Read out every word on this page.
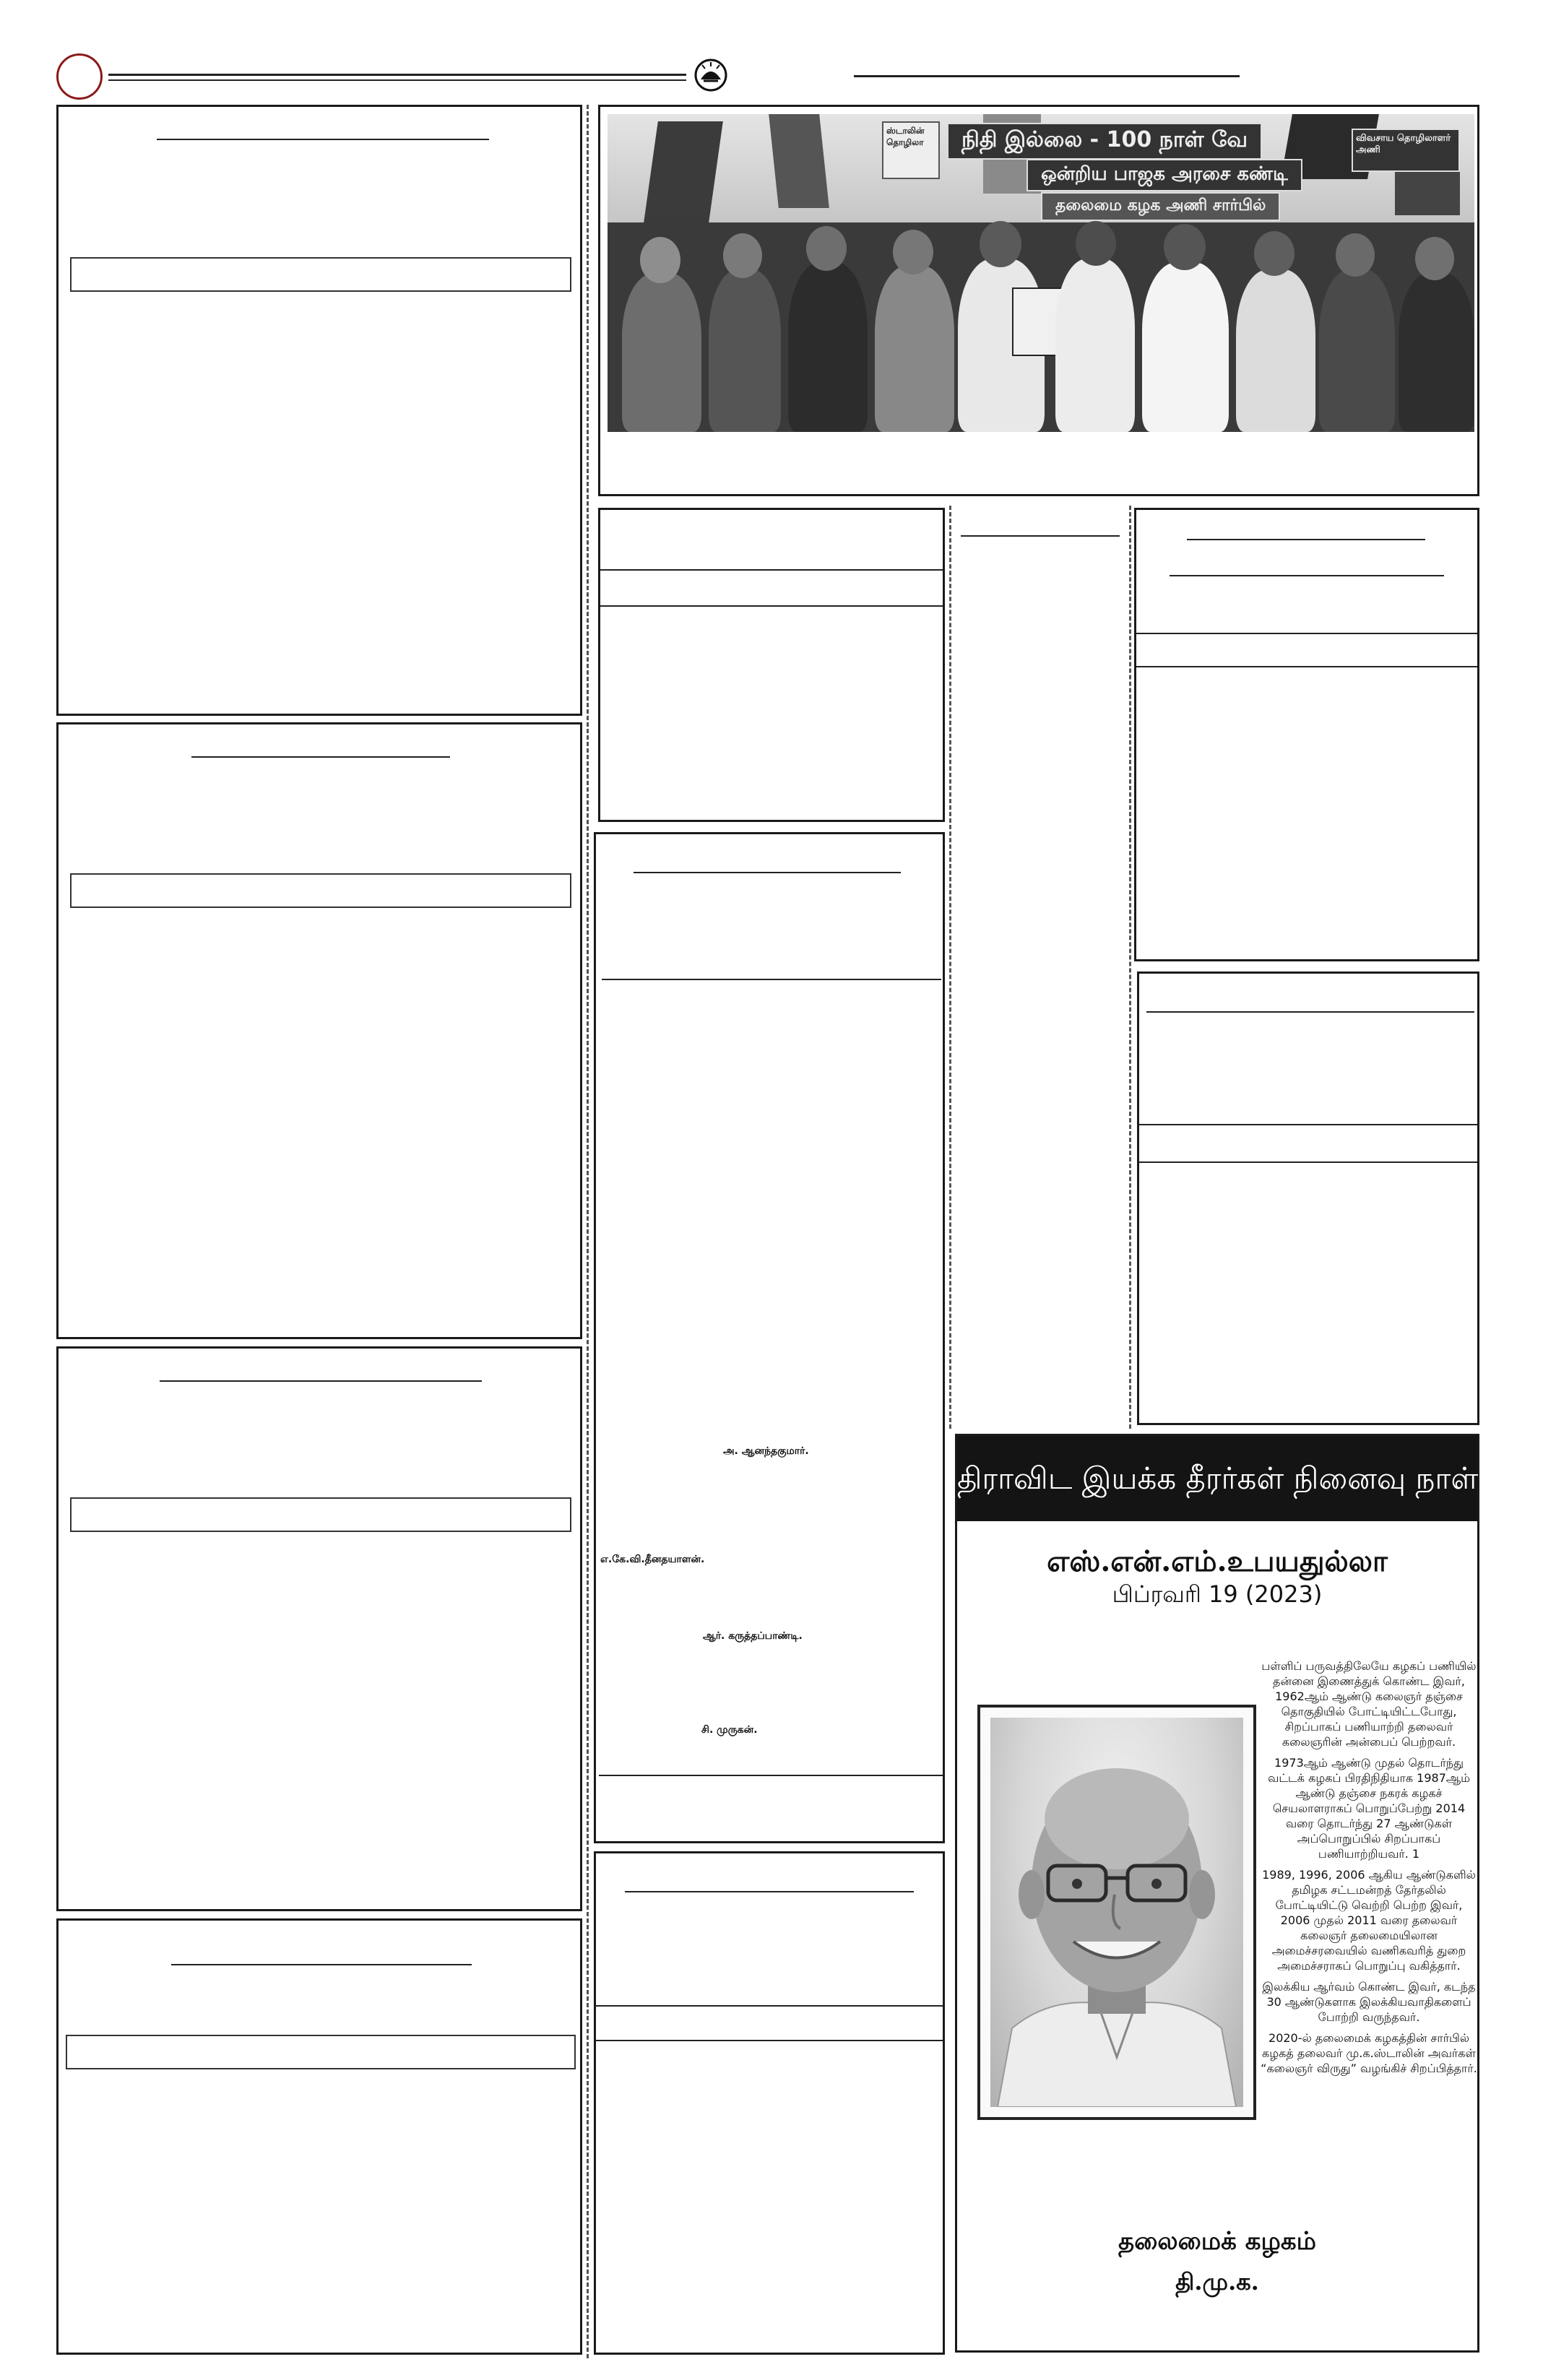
நிதி இல்லை - 100 நாள் வே
ஒன்றிய பாஜக அரசை கண்டி
தலைமை கழக அணி சார்பில்
ஸ்டாலின் தொழிலா	விவசாய தொழிலாளர் அணி
அ. ஆனந்தகுமார்.
எ.கே.வி.தீனதயாளன்.
ஆர். கருத்தப்பாண்டி.
சி. முருகன்.
திராவிட இயக்க தீரர்கள் நினைவு நாள்
எஸ்.என்.எம்.உபயதுல்லா
பிப்ரவரி 19 (2023)

பள்ளிப் பருவத்திலேயே கழகப் பணியில் தன்னை இணைத்துக் கொண்ட இவர், 1962ஆம் ஆண்டு கலைஞர் தஞ்சை தொகுதியில் போட்டியிட்டபோது, சிறப்பாகப் பணியாற்றி தலைவர் கலைஞரின் அன்பைப் பெற்றவர்.

1973ஆம் ஆண்டு முதல் தொடர்ந்து வட்டக் கழகப் பிரதிநிதியாக 1987ஆம் ஆண்டு தஞ்சை நகரக் கழகச் செயலாளராகப் பொறுப்பேற்று 2014 வரை தொடர்ந்து 27 ஆண்டுகள் அப்பொறுப்பில் சிறப்பாகப் பணியாற்றியவர். 1

1989, 1996, 2006 ஆகிய ஆண்டுகளில் தமிழக சட்டமன்றத் தேர்தலில் போட்டியிட்டு வெற்றி பெற்ற இவர், 2006 முதல் 2011 வரை தலைவர் கலைஞர் தலைமையிலான அமைச்சரவையில் வணிகவரித் துறை அமைச்சராகப் பொறுப்பு வகித்தார்.

இலக்கிய ஆர்வம் கொண்ட இவர், கடந்த 30 ஆண்டுகளாக இலக்கியவாதிகளைப் போற்றி வருந்தவர்.

2020-ல் தலைமைக் கழகத்தின் சார்பில் கழகத் தலைவர் மு.க.ஸ்டாலின் அவர்கள் “கலைஞர் விருது” வழங்கிச் சிறப்பித்தார்.

தலைமைக் கழகம்
தி.மு.க.
